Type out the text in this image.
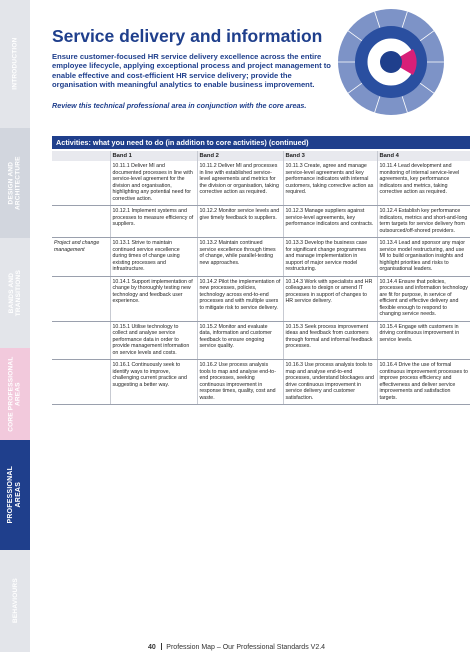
INTRODUCTION
DESIGN AND
ARCHITECTURE
BANDS AND
TRANSITIONS
CORE PROFESSIONAL
AREAS
PROFESSIONAL
AREAS
BEHAVIOURS
Service delivery and information

Ensure customer-focused HR service delivery excellence across the entire employee lifecycle, applying exceptional process and project management to enable effective and cost-efficient HR service delivery; provide the organisation with meaningful analytics to enable business improvement.

Review this technical professional area in conjunction with the core areas.

Activities: what you need to do (in addition to core activities) (continued)
	Band 1	Band 2	Band 3	Band 4
	10.11.1 Deliver MI and documented processes in line with service-level agreement for the division and organisation, highlighting any potential need for corrective action.	10.11.2 Deliver MI and processes in line with established service-level agreements and metrics for the division or organisation, taking corrective action as required.	10.11.3 Create, agree and manage service-level agreements and key performance indicators with internal customers, taking corrective action as required.	10.11.4 Lead development and monitoring of internal service-level agreements, key performance indicators and metrics, taking corrective action as required.
	10.12.1 Implement systems and processes to measure efficiency of suppliers.	10.12.2 Monitor service levels and give timely feedback to suppliers.	10.12.3 Manage suppliers against service-level agreements, key performance indicators and contracts.	10.12.4 Establish key performance indicators, metrics and short-and-long term targets for service delivery from outsourced/off-shored providers.
Project and change management	10.13.1 Strive to maintain continued service excellence during times of change using existing processes and infrastructure.	10.13.2 Maintain continued service excellence through times of change, while parallel-testing new approaches.	10.13.3 Develop the business case for significant change programmes and manage implementation in support of major service model restructuring.	10.13.4 Lead and sponsor any major service model restructuring, and use MI to build organisation insights and highlight priorities and risks to organisational leaders.
	10.14.1 Support implementation of change by thoroughly testing new technology and feedback user experience.	10.14.2 Pilot the implementation of new processes, policies, technology across end-to-end processes and with multiple users to mitigate risk to service delivery.	10.14.3 Work with specialists and HR colleagues to design or amend IT processes in support of changes to HR service delivery.	10.14.4 Ensure that policies, processes and information technology are fit for purpose, in service of efficient and effective delivery and flexible enough to respond to changing service needs.
	10.15.1 Utilise technology to collect and analyse service performance data in order to provide management information on service levels and costs.	10.15.2 Monitor and evaluate data, information and customer feedback to ensure ongoing service quality.	10.15.3 Seek process improvement ideas and feedback from customers through formal and informal feedback processes.	10.15.4 Engage with customers in driving continuous improvement in service levels.
	10.16.1 Continuously seek to identify ways to improve, challenging current practice and suggesting a better way.	10.16.2 Use process analysis tools to map and analyse end-to-end processes, seeking continuous improvement in response times, quality, cost and waste.	10.16.3 Use process analysis tools to map and analyse end-to-end processes, understand blockages and drive continuous improvement in service delivery and customer satisfaction.	10.16.4 Drive the use of formal continuous improvement processes to improve process efficiency and effectiveness and deliver service improvements and satisfaction targets.
40 Profession Map – Our Professional Standards V2.4
